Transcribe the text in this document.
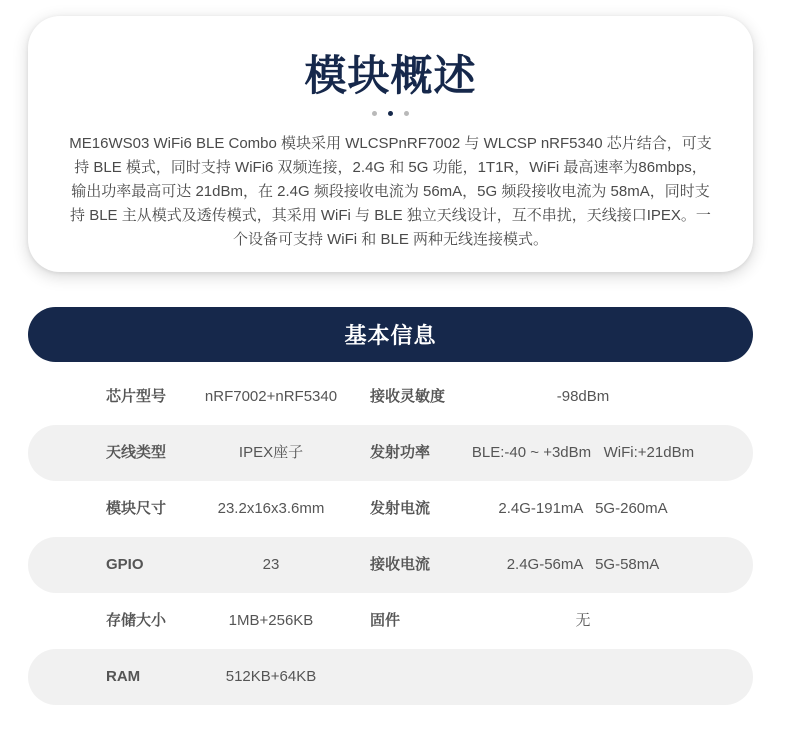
模块概述

ME16WS03 WiFi6 BLE Combo 模块采用 WLCSPnRF7002 与 WLCSP nRF5340 芯片结合，可支持 BLE 模式，同时支持 WiFi6 双频连接，2.4G 和 5G 功能，1T1R，WiFi 最高速率为86mbps，输出功率最高可达 21dBm，在 2.4G 频段接收电流为 56mA，5G 频段接收电流为 58mA，同时支持 BLE 主从模式及透传模式，其采用 WiFi 与 BLE 独立天线设计，互不串扰，天线接口IPEX。一个设备可支持 WiFi 和 BLE 两种无线连接模式。

基本信息
芯片型号	nRF7002+nRF5340	接收灵敏度	-98dBm
天线类型	IPEX座子	发射功率	BLE:-40 ~ +3dBm   WiFi:+21dBm
模块尺寸	23.2x16x3.6mm	发射电流	2.4G-191mA   5G-260mA
GPIO	23	接收电流	2.4G-56mA   5G-58mA
存储大小	1MB+256KB	固件	无
RAM	512KB+64KB
